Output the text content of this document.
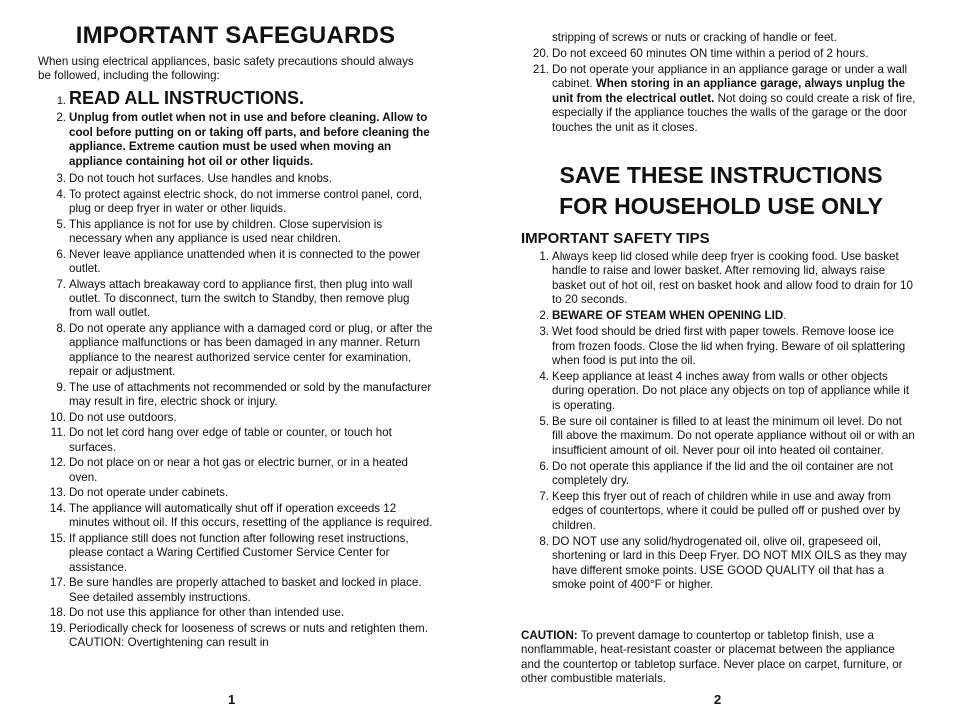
IMPORTANT SAFEGUARDS
When using electrical appliances, basic safety precautions should always be followed, including the following:
1. READ ALL INSTRUCTIONS.
2. Unplug from outlet when not in use and before cleaning. Allow to cool before putting on or taking off parts, and before cleaning the appliance. Extreme caution must be used when moving an appliance containing hot oil or other liquids.
3. Do not touch hot surfaces. Use handles and knobs.
4. To protect against electric shock, do not immerse control panel, cord, plug or deep fryer in water or other liquids.
5. This appliance is not for use by children. Close supervision is necessary when any appliance is used near children.
6. Never leave appliance unattended when it is connected to the power outlet.
7. Always attach breakaway cord to appliance first, then plug into wall outlet. To disconnect, turn the switch to Standby, then remove plug from wall outlet.
8. Do not operate any appliance with a damaged cord or plug, or after the appliance malfunctions or has been damaged in any manner. Return appliance to the nearest authorized service center for examination, repair or adjustment.
9. The use of attachments not recommended or sold by the manufacturer may result in fire, electric shock or injury.
10. Do not use outdoors.
11. Do not let cord hang over edge of table or counter, or touch hot surfaces.
12. Do not place on or near a hot gas or electric burner, or in a heated oven.
13. Do not operate under cabinets.
14. The appliance will automatically shut off if operation exceeds 12 minutes without oil. If this occurs, resetting of the appliance is required.
15. If appliance still does not function after following reset instructions, please contact a Waring Certified Customer Service Center for assistance.
17. Be sure handles are properly attached to basket and locked in place. See detailed assembly instructions.
18. Do not use this appliance for other than intended use.
19. Periodically check for looseness of screws or nuts and retighten them. CAUTION: Overtightening can result in
1
stripping of screws or nuts or cracking of handle or feet.
20. Do not exceed 60 minutes ON time within a period of 2 hours.
21. Do not operate your appliance in an appliance garage or under a wall cabinet. When storing in an appliance garage, always unplug the unit from the electrical outlet. Not doing so could create a risk of fire, especially if the appliance touches the walls of the garage or the door touches the unit as it closes.
SAVE THESE INSTRUCTIONS
FOR HOUSEHOLD USE ONLY
IMPORTANT SAFETY TIPS
1. Always keep lid closed while deep fryer is cooking food. Use basket handle to raise and lower basket. After removing lid, always raise basket out of hot oil, rest on basket hook and allow food to drain for 10 to 20 seconds.
2. BEWARE OF STEAM WHEN OPENING LID.
3. Wet food should be dried first with paper towels. Remove loose ice from frozen foods. Close the lid when frying. Beware of oil splattering when food is put into the oil.
4. Keep appliance at least 4 inches away from walls or other objects during operation. Do not place any objects on top of appliance while it is operating.
5. Be sure oil container is filled to at least the minimum oil level. Do not fill above the maximum. Do not operate appliance without oil or with an insufficient amount of oil. Never pour oil into heated oil container.
6. Do not operate this appliance if the lid and the oil container are not completely dry.
7. Keep this fryer out of reach of children while in use and away from edges of countertops, where it could be pulled off or pushed over by children.
8. DO NOT use any solid/hydrogenated oil, olive oil, grapeseed oil, shortening or lard in this Deep Fryer. DO NOT MIX OILS as they may have different smoke points. USE GOOD QUALITY oil that has a smoke point of 400°F or higher.
CAUTION: To prevent damage to countertop or tabletop finish, use a nonflammable, heat-resistant coaster or placemat between the appliance and the countertop or tabletop surface. Never place on carpet, furniture, or other combustible materials.
2
